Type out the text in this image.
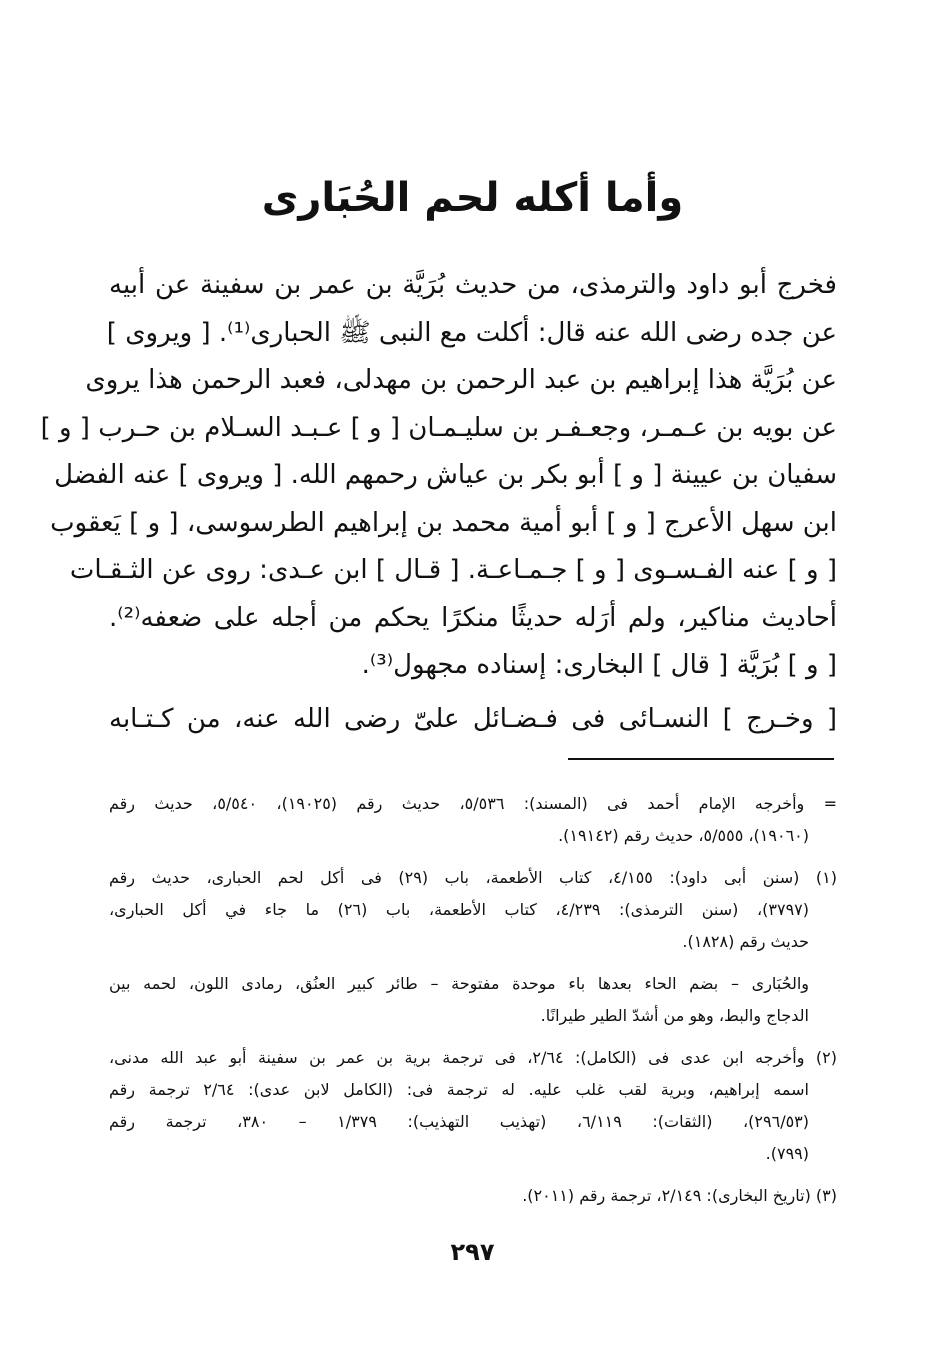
وأما أكله لحم الحُبَارى
فخرج أبو داود والترمذى، من حديث بُرَيَّة بن عمر بن سفينة عن أبيه
عن جده رضى الله عنه قال: أكلت مع النبى ﷺ الحبارى⁽¹⁾. [ ويروى ]
عن بُرَيَّة هذا إبراهيم بن عبد الرحمن بن مهدلى، فعبد الرحمن هذا يروى
عن بويه بن عـمـر، وجعـفـر بن سليـمـان [ و ] عـبـد السـلام بن حـرب [ و ]
سفيان بن عيينة [ و ] أبو بكر بن عياش رحمهم الله. [ ويروى ] عنه الفضل
ابن سهل الأعرج [ و ] أبو أمية محمد بن إبراهيم الطرسوسى، [ و ] يَعقوب
[ و ] عنه الفـسـوى [ و ] جـمـاعـة. [ قـال ] ابن عـدى: روى عن الثـقـات
أحاديث مناكير، ولم أرَله حديثًا منكرًا يحكم من أجله على ضعفه⁽²⁾.
[ و ] بُرَيَّة [ قال ] البخارى: إسناده مجهول⁽³⁾.
[ وخـرج ] النسـائى فى فـضـائل علىّ رضى الله عنه، من كـتـابه
= وأخرجه الإمام أحمد فى (المسند): ٥/٥٣٦، حديث رقم (١٩٠٢٥)، ٥/٥٤٠، حديث رقم
(١٩٠٦٠)، ٥/٥٥٥، حديث رقم (١٩١٤٢).
(١) (سنن أبى داود): ٤/١٥٥، كتاب الأطعمة، باب (٢٩) فى أكل لحم الحبارى، حديث رقم
(٣٧٩٧)، (سنن الترمذى): ٤/٢٣٩، كتاب الأطعمة، باب (٢٦) ما جاء في أكل الحبارى،
حديث رقم (١٨٢٨).
والحُبَارى – بضم الحاء بعدها باء موحدة مفتوحة – طائر كبير العنُق، رمادى اللون، لحمه بين
الدجاج والبط، وهو من أشدّ الطير طيرانًا.
(٢) وأخرجه ابن عدى فى (الكامل): ٢/٦٤، فى ترجمة برية بن عمر بن سفينة أبو عبد الله مدنى،
اسمه إبراهيم، وبرية لقب غلب عليه. له ترجمة فى: (الكامل لابن عدى): ٢/٦٤ ترجمة رقم
(٢٩٦/٥٣)، (الثقات): ٦/١١٩، (تهذيب التهذيب): ١/٣٧٩ – ٣٨٠، ترجمة رقم
(٧٩٩).
(٣) (تاريخ البخارى): ٢/١٤٩، ترجمة رقم (٢٠١١).
٢٩٧
